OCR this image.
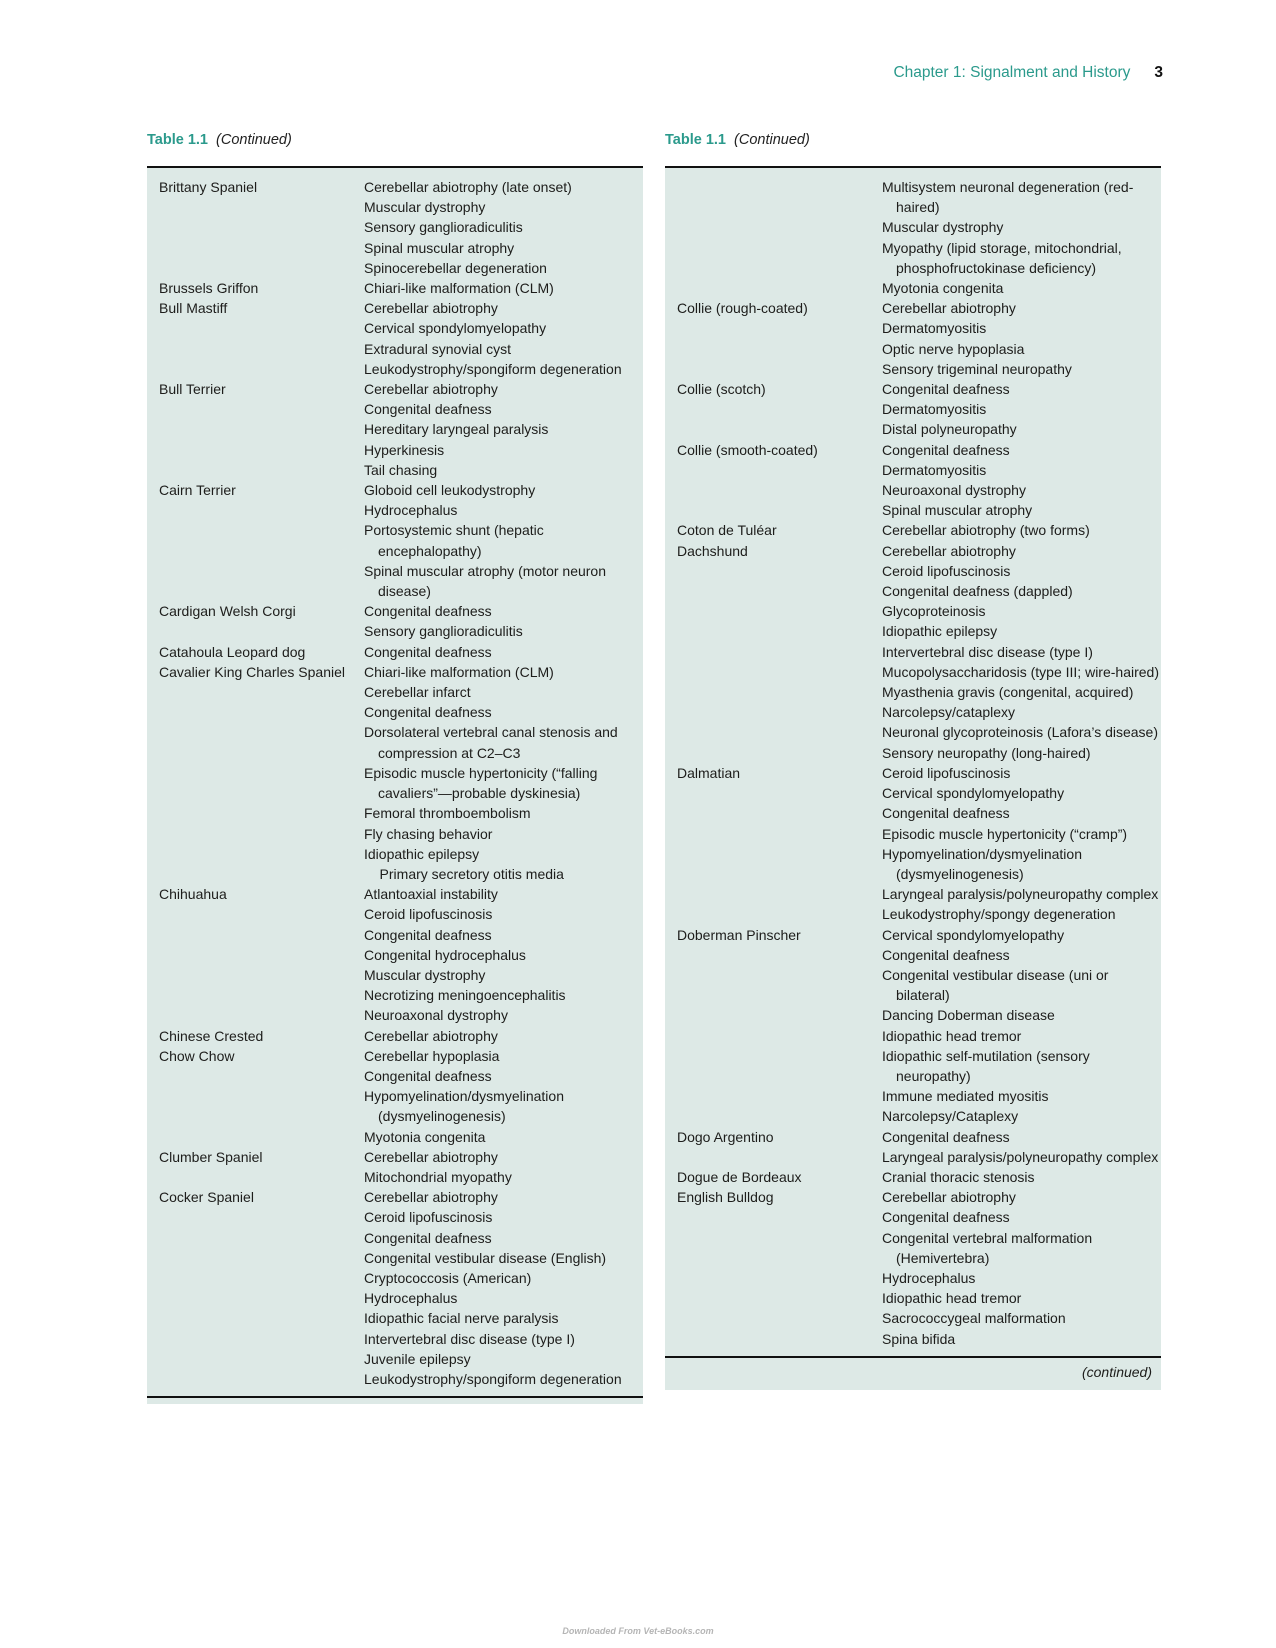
Chapter 1: Signalment and History 3
Table 1.1 (Continued)	Table 1.1 (Continued)
Brittany Spaniel	Cerebellar abiotrophy (late onset)
Muscular dystrophy
Sensory ganglioradiculitis
Spinal muscular atrophy
Spinocerebellar degeneration
Brussels Griffon	Chiari-like malformation (CLM)
Bull Mastiff	Cerebellar abiotrophy
Cervical spondylomyelopathy
Extradural synovial cyst
Leukodystrophy/spongiform degeneration
Bull Terrier	Cerebellar abiotrophy
Congenital deafness
Hereditary laryngeal paralysis
Hyperkinesis
Tail chasing
Cairn Terrier	Globoid cell leukodystrophy
Hydrocephalus
Portosystemic shunt (hepatic encephalopathy)
Spinal muscular atrophy (motor neuron disease)
Cardigan Welsh Corgi	Congenital deafness
Sensory ganglioradiculitis
Catahoula Leopard dog	Congenital deafness
Cavalier King Charles Spaniel	Chiari-like malformation (CLM)
Cerebellar infarct
Congenital deafness
Dorsolateral vertebral canal stenosis and compression at C2–C3
Episodic muscle hypertonicity (“falling cavaliers”—probable dyskinesia)
Femoral thromboembolism
Fly chasing behavior
Idiopathic epilepsy
Primary secretory otitis media
Chihuahua	Atlantoaxial instability
Ceroid lipofuscinosis
Congenital deafness
Congenital hydrocephalus
Muscular dystrophy
Necrotizing meningoencephalitis
Neuroaxonal dystrophy
Chinese Crested	Cerebellar abiotrophy
Chow Chow	Cerebellar hypoplasia
Congenital deafness
Hypomyelination/dysmyelination (dysmyelinogenesis)
Myotonia congenita
Clumber Spaniel	Cerebellar abiotrophy
Mitochondrial myopathy
Cocker Spaniel	Cerebellar abiotrophy
Ceroid lipofuscinosis
Congenital deafness
Congenital vestibular disease (English)
Cryptococcosis (American)
Hydrocephalus
Idiopathic facial nerve paralysis
Intervertebral disc disease (type I)
Juvenile epilepsy
Leukodystrophy/spongiform degeneration
Multisystem neuronal degeneration (red-haired)
Muscular dystrophy
Myopathy (lipid storage, mitochondrial, phosphofructokinase deficiency)
Myotonia congenita
Collie (rough-coated)	Cerebellar abiotrophy
Dermatomyositis
Optic nerve hypoplasia
Sensory trigeminal neuropathy
Collie (scotch)	Congenital deafness
Dermatomyositis
Distal polyneuropathy
Collie (smooth-coated)	Congenital deafness
Dermatomyositis
Neuroaxonal dystrophy
Spinal muscular atrophy
Coton de Tuléar	Cerebellar abiotrophy (two forms)
Dachshund	Cerebellar abiotrophy
Ceroid lipofuscinosis
Congenital deafness (dappled)
Glycoproteinosis
Idiopathic epilepsy
Intervertebral disc disease (type I)
Mucopolysaccharidosis (type III; wire-haired)
Myasthenia gravis (congenital, acquired)
Narcolepsy/cataplexy
Neuronal glycoproteinosis (Lafora’s disease)
Sensory neuropathy (long-haired)
Dalmatian	Ceroid lipofuscinosis
Cervical spondylomyelopathy
Congenital deafness
Episodic muscle hypertonicity (“cramp”)
Hypomyelination/dysmyelination (dysmyelinogenesis)
Laryngeal paralysis/polyneuropathy complex
Leukodystrophy/spongy degeneration
Doberman Pinscher	Cervical spondylomyelopathy
Congenital deafness
Congenital vestibular disease (uni or bilateral)
Dancing Doberman disease
Idiopathic head tremor
Idiopathic self-mutilation (sensory neuropathy)
Immune mediated myositis
Narcolepsy/Cataplexy
Dogo Argentino	Congenital deafness
Laryngeal paralysis/polyneuropathy complex
Dogue de Bordeaux	Cranial thoracic stenosis
English Bulldog	Cerebellar abiotrophy
Congenital deafness
Congenital vertebral malformation (Hemivertebra)
Hydrocephalus
Idiopathic head tremor
Sacrococcygeal malformation
Spina bifida
(continued)
Downloaded From Vet-eBooks.com
